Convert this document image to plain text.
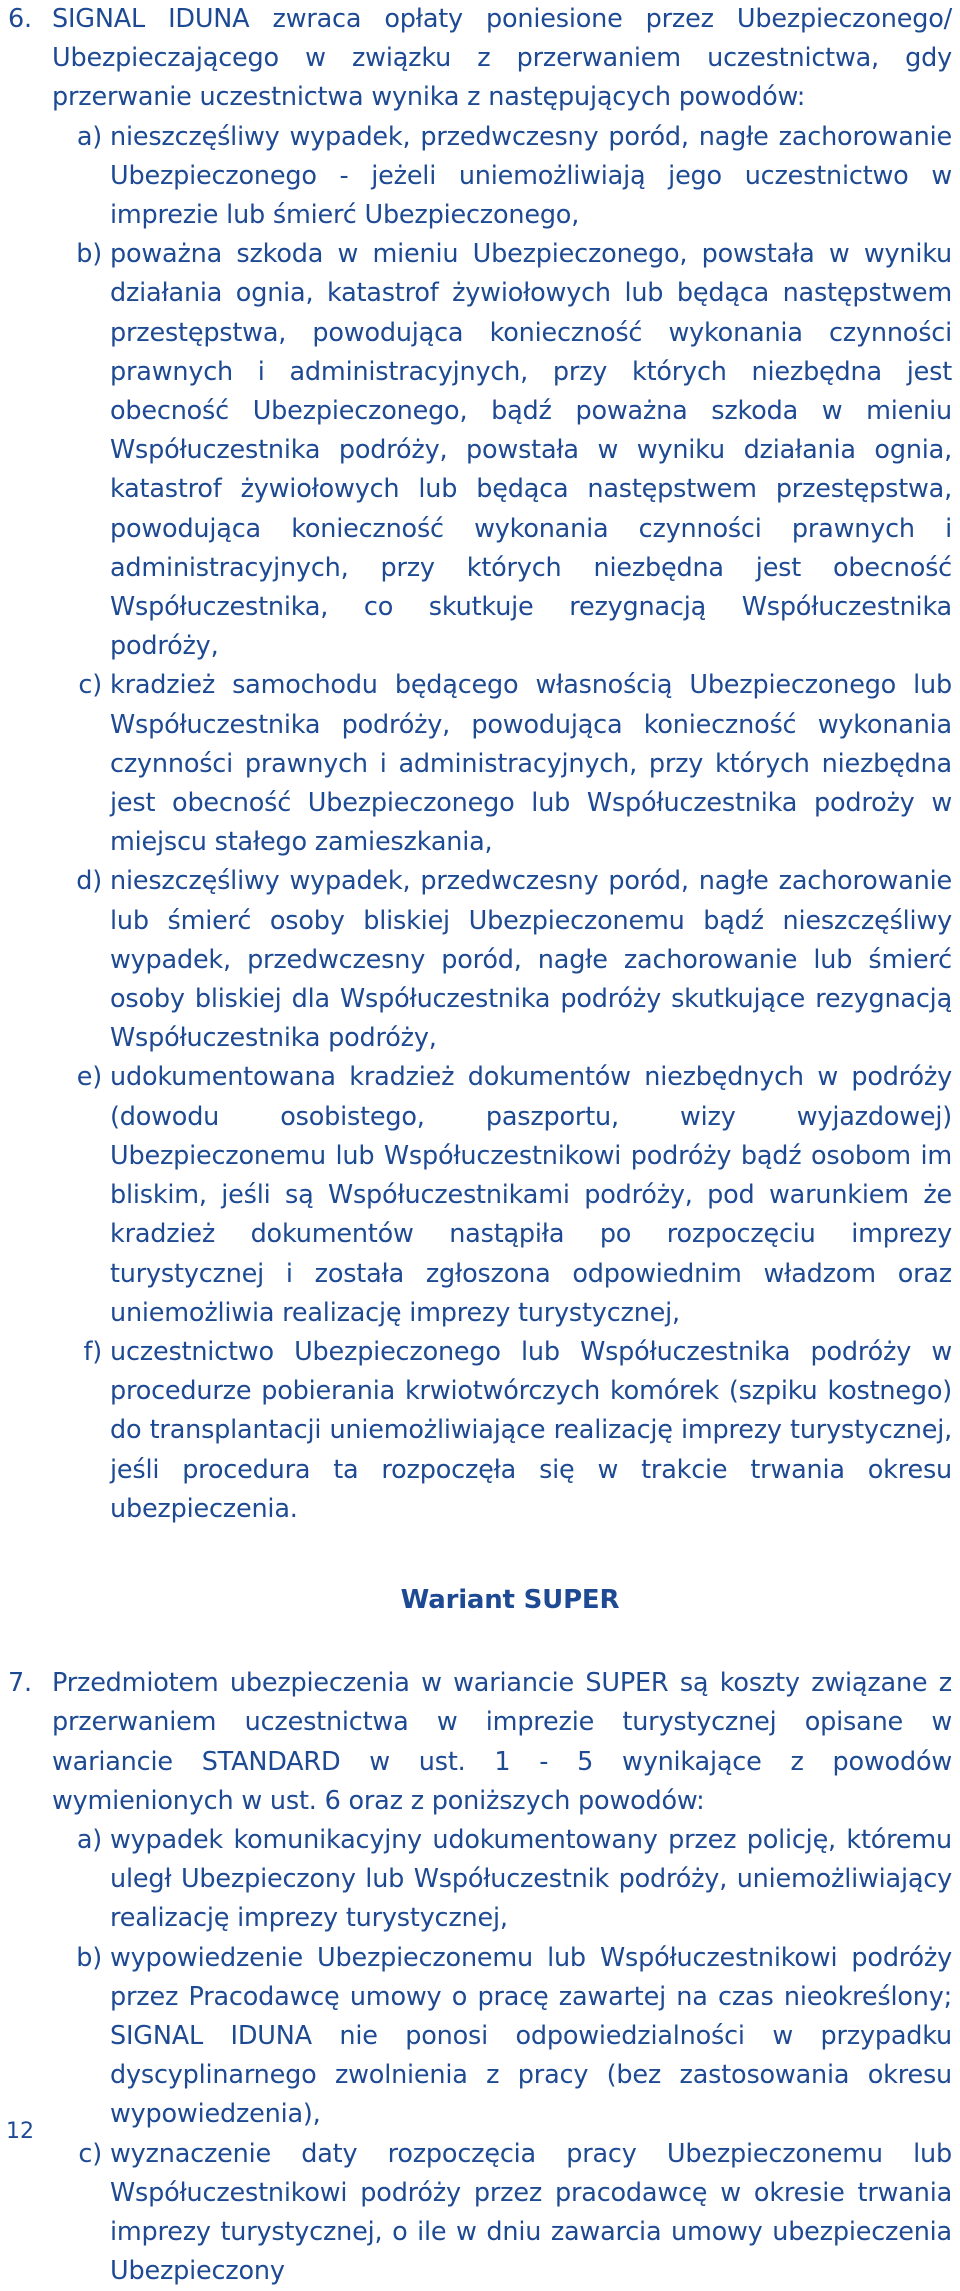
6. SIGNAL IDUNA zwraca opłaty poniesione przez Ubezpieczonego/ Ubezpieczającego w związku z przerwaniem uczestnictwa, gdy przerwanie uczestnictwa wynika z następujących powodów:
a) nieszczęśliwy wypadek, przedwczesny poród, nagłe zachorowanie Ubezpieczonego - jeżeli uniemożliwiają jego uczestnictwo w imprezie lub śmierć Ubezpieczonego,
b) poważna szkoda w mieniu Ubezpieczonego, powstała w wyniku działania ognia, katastrof żywiołowych lub będąca następstwem przestępstwa, powodująca konieczność wykonania czynności prawnych i administracyjnych, przy których niezbędna jest obecność Ubezpieczonego, bądź poważna szkoda w mieniu Współuczestnika podróży, powstała w wyniku działania ognia, katastrof żywiołowych lub będąca następstwem przestępstwa, powodująca konieczność wykonania czynności prawnych i administracyjnych, przy których niezbędna jest obecność Współuczestnika, co skutkuje rezygnacją Współuczestnika podróży,
c) kradzież samochodu będącego własnością Ubezpieczonego lub Współuczestnika podróży, powodująca konieczność wykonania czynności prawnych i administracyjnych, przy których niezbędna jest obecność Ubezpieczonego lub Współuczestnika podroży w miejscu stałego zamieszkania,
d) nieszczęśliwy wypadek, przedwczesny poród, nagłe zachorowanie lub śmierć osoby bliskiej Ubezpieczonemu bądź nieszczęśliwy wypadek, przedwczesny poród, nagłe zachorowanie lub śmierć osoby bliskiej dla Współuczestnika podróży skutkujące rezygnacją Współuczestnika podróży,
e) udokumentowana kradzież dokumentów niezbędnych w podróży (dowodu osobistego, paszportu, wizy wyjazdowej) Ubezpieczonemu lub Współuczestnikowi podróży bądź osobom im bliskim, jeśli są Współuczestnikami podróży, pod warunkiem że kradzież dokumentów nastąpiła po rozpoczęciu imprezy turystycznej i została zgłoszona odpowiednim władzom oraz uniemożliwia realizację imprezy turystycznej,
f) uczestnictwo Ubezpieczonego lub Współuczestnika podróży w procedurze pobierania krwiotwórczych komórek (szpiku kostnego) do transplantacji uniemożliwiające realizację imprezy turystycznej, jeśli procedura ta rozpoczęła się w trakcie trwania okresu ubezpieczenia.
Wariant SUPER
7. Przedmiotem ubezpieczenia w wariancie SUPER są koszty związane z przerwaniem uczestnictwa w imprezie turystycznej opisane w wariancie STANDARD w ust. 1 - 5 wynikające z powodów wymienionych w ust. 6 oraz z poniższych powodów:
a) wypadek komunikacyjny udokumentowany przez policję, któremu uległ Ubezpieczony lub Współuczestnik podróży, uniemożliwiający realizację imprezy turystycznej,
b) wypowiedzenie Ubezpieczonemu lub Współuczestnikowi podróży przez Pracodawcę umowy o pracę zawartej na czas nieokreślony; SIGNAL IDUNA nie ponosi odpowiedzialności w przypadku dyscyplinarnego zwolnienia z pracy (bez zastosowania okresu wypowiedzenia),
c) wyznaczenie daty rozpoczęcia pracy Ubezpieczonemu lub Współuczestnikowi podróży przez pracodawcę w okresie trwania imprezy turystycznej, o ile w dniu zawarcia umowy ubezpieczenia Ubezpieczony
12
